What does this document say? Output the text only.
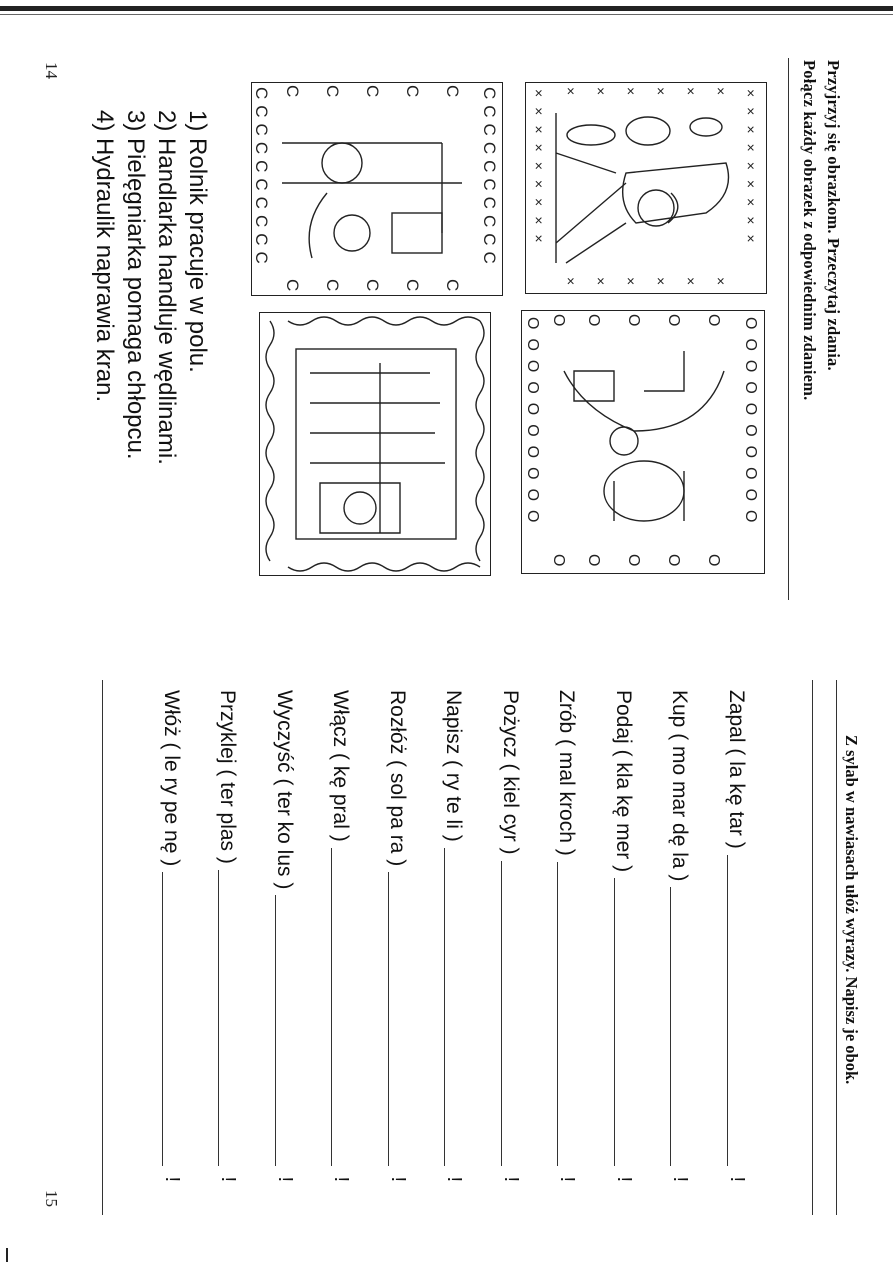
14	Przyjrzyj się obrazkom. Przeczytaj zdania.
Połącz każdy obrazek z odpowiednim zdaniem.
×××××××××
×××××××××	×
×
×
×
×
×
×
×
×
×
×
×
CCCCCCCCCC
CCCCCCCCCC	C
C
C
C
C
C
C
C
C
C
OOOOOOOOOO
OOOOOOOOOO	O
O
O
O
O
O
O
O
O
O
1) Rolnik pracuje w polu.
2) Handlarka handluje wędlinami.
3) Pielęgniarka pomaga chłopcu.
4) Hydraulik naprawia kran.
15
Z sylab w nawiasach ułóż wyrazy. Napisz je obok.
Zapal ( la kę tar )
!
Kup ( mo mar dę la )
!
Podaj ( kla kę mer )
!
Zrób ( mal kroch )
!
Pożycz ( kiel cyr )
!
Napisz ( ry te li )
!
Rozłóż ( sol pa ra )
!
Włącz ( kę pral )
!
Wyczyść ( ter ko lus )
!
Przyklej ( ter plas )
!
Włóż ( le ry pe nę )
!
